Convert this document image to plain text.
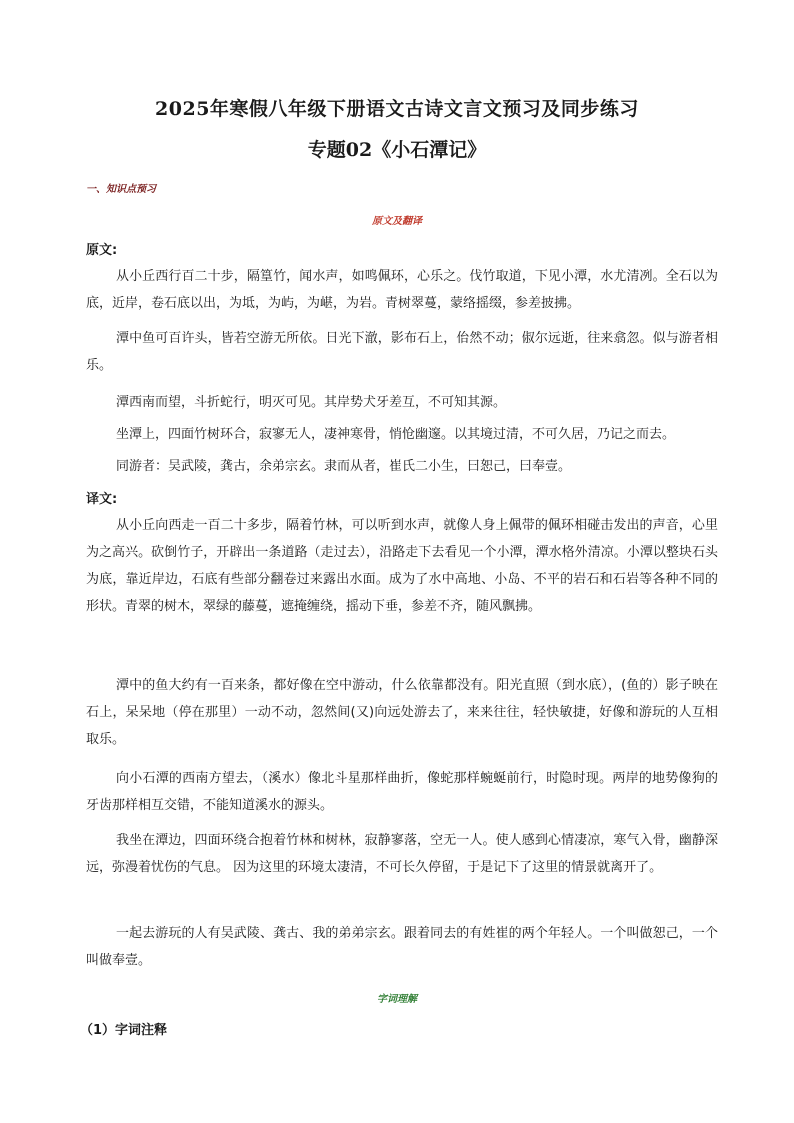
2025年寒假八年级下册语文古诗文言文预习及同步练习
专题02《小石潭记》
一、知识点预习
原文及翻译
原文:

从小丘西行百二十步，隔篁竹，闻水声，如鸣佩环，心乐之。伐竹取道，下见小潭，水尤清冽。全石以为底，近岸，卷石底以出，为坻，为屿，为嵁，为岩。青树翠蔓，蒙络摇缀，参差披拂。

潭中鱼可百许头，皆若空游无所依。日光下澈，影布石上，佁然不动；俶尔远逝，往来翕忽。似与游者相乐。

潭西南而望，斗折蛇行，明灭可见。其岸势犬牙差互，不可知其源。

坐潭上，四面竹树环合，寂寥无人，凄神寒骨，悄怆幽邃。以其境过清，不可久居，乃记之而去。

同游者：吴武陵，龚古，余弟宗玄。隶而从者，崔氏二小生，曰恕己，曰奉壹。

译文:

从小丘向西走一百二十多步，隔着竹林，可以听到水声，就像人身上佩带的佩环相碰击发出的声音，心里为之高兴。砍倒竹子，开辟出一条道路（走过去），沿路走下去看见一个小潭，潭水格外清凉。小潭以整块石头为底，靠近岸边，石底有些部分翻卷过来露出水面。成为了水中高地、小岛、不平的岩石和石岩等各种不同的形状。青翠的树木，翠绿的藤蔓，遮掩缠绕，摇动下垂，参差不齐，随风飘拂。

潭中的鱼大约有一百来条，都好像在空中游动，什么依靠都没有。阳光直照（到水底），(鱼的）影子映在石上，呆呆地（停在那里）一动不动，忽然间(又)向远处游去了，来来往往，轻快敏捷，好像和游玩的人互相取乐。

向小石潭的西南方望去，（溪水）像北斗星那样曲折，像蛇那样蜿蜒前行，时隐时现。两岸的地势像狗的牙齿那样相互交错，不能知道溪水的源头。

我坐在潭边，四面环绕合抱着竹林和树林，寂静寥落，空无一人。使人感到心情凄凉，寒气入骨，幽静深远，弥漫着忧伤的气息。 因为这里的环境太凄清，不可长久停留，于是记下了这里的情景就离开了。

一起去游玩的人有吴武陵、龚古、我的弟弟宗玄。跟着同去的有姓崔的两个年轻人。一个叫做恕己，一个叫做奉壹。

字词理解
（1）字词注释
